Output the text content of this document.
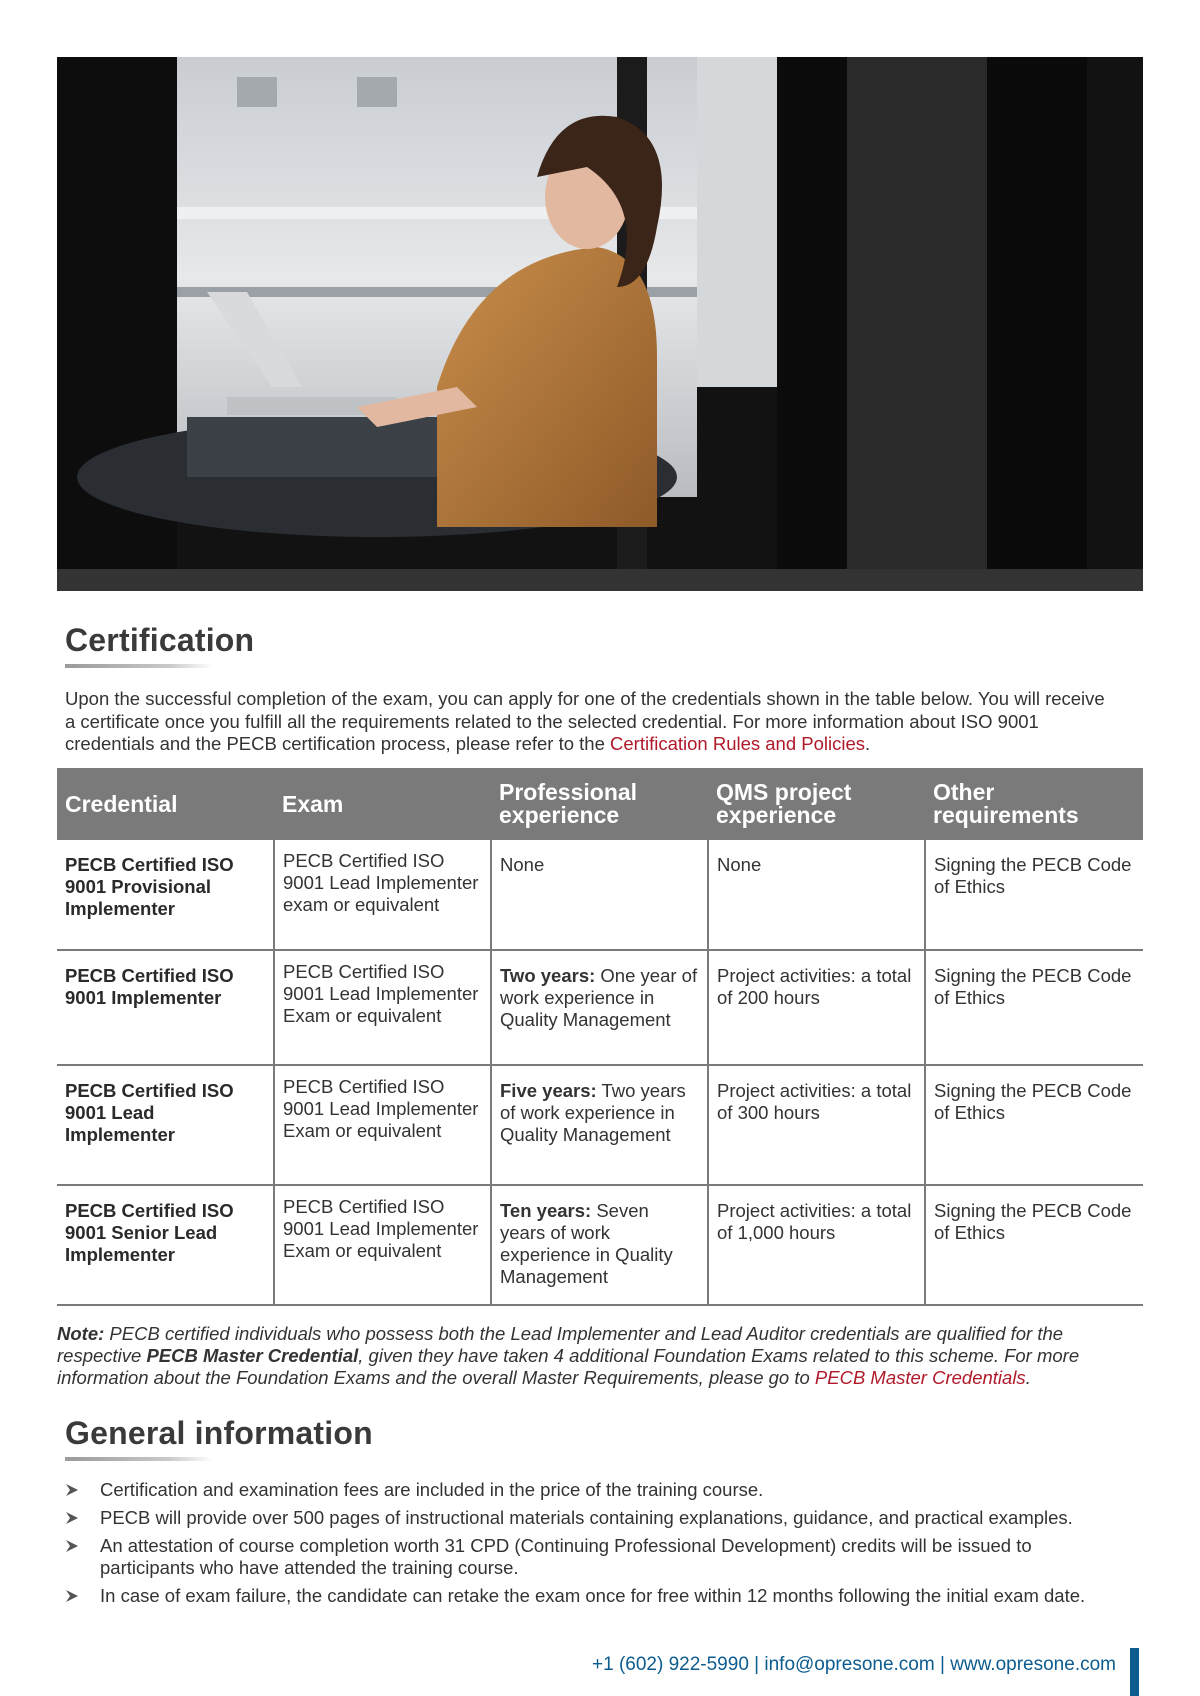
Certification

Upon the successful completion of the exam, you can apply for one of the credentials shown in the table below. You will receive a certificate once you fulfill all the requirements related to the selected credential. For more information about ISO 9001 credentials and the PECB certification process, please refer to the Certification Rules and Policies.

Credential	Exam	Professional experience	QMS project experience	Other requirements
PECB Certified ISO 9001 Provisional Implementer	PECB Certified ISO 9001 Lead Implementer exam or equivalent	None	None	Signing the PECB Code of Ethics
PECB Certified ISO 9001 Implementer	PECB Certified ISO 9001 Lead Implementer Exam or equivalent	Two years: One year of work experience in Quality Management	Project activities: a total of 200 hours	Signing the PECB Code of Ethics
PECB Certified ISO 9001 Lead Implementer	PECB Certified ISO 9001 Lead Implementer Exam or equivalent	Five years: Two years of work experience in Quality Management	Project activities: a total of 300 hours	Signing the PECB Code of Ethics
PECB Certified ISO 9001 Senior Lead Implementer	PECB Certified ISO 9001 Lead Implementer Exam or equivalent	Ten years: Seven years of work experience in Quality Management	Project activities: a total of 1,000 hours	Signing the PECB Code of Ethics

Note: PECB certified individuals who possess both the Lead Implementer and Lead Auditor credentials are qualified for the respective PECB Master Credential, given they have taken 4 additional Foundation Exams related to this scheme. For more information about the Foundation Exams and the overall Master Requirements, please go to PECB Master Credentials.

General information
Certification and examination fees are included in the price of the training course.
PECB will provide over 500 pages of instructional materials containing explanations, guidance, and practical examples.
An attestation of course completion worth 31 CPD (Continuing Professional Development) credits will be issued to participants who have attended the training course.
In case of exam failure, the candidate can retake the exam once for free within 12 months following the initial exam date.
+1 (602) 922-5990 | info@opresone.com | www.opresone.com
